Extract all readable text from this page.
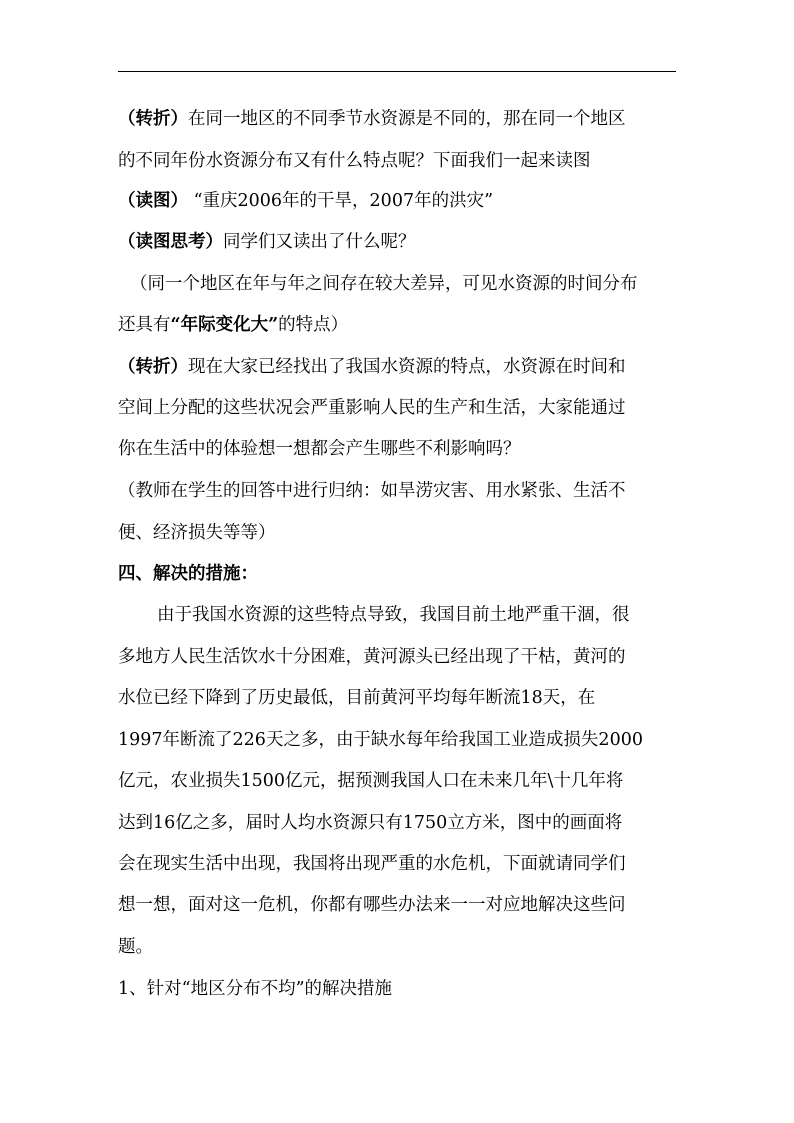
（转折）在同一地区的不同季节水资源是不同的，那在同一个地区
的不同年份水资源分布又有什么特点呢？下面我们一起来读图
（读图） “重庆2006年的干旱，2007年的洪灾”
（读图思考）同学们又读出了什么呢？
（同一个地区在年与年之间存在较大差异，可见水资源的时间分布
还具有“年际变化大”的特点）
（转折）现在大家已经找出了我国水资源的特点，水资源在时间和
空间上分配的这些状况会严重影响人民的生产和生活，大家能通过
你在生活中的体验想一想都会产生哪些不利影响吗？
（教师在学生的回答中进行归纳：如旱涝灾害、用水紧张、生活不
便、经济损失等等）
四、解决的措施：
由于我国水资源的这些特点导致，我国目前土地严重干涸，很
多地方人民生活饮水十分困难，黄河源头已经出现了干枯，黄河的
水位已经下降到了历史最低，目前黄河平均每年断流18天，在
1997年断流了226天之多，由于缺水每年给我国工业造成损失2000
亿元，农业损失1500亿元，据预测我国人口在未来几年\十几年将
达到16亿之多，届时人均水资源只有1750立方米，图中的画面将
会在现实生活中出现，我国将出现严重的水危机，下面就请同学们
想一想，面对这一危机，你都有哪些办法来一一对应地解决这些问
题。
1、针对“地区分布不均”的解决措施
